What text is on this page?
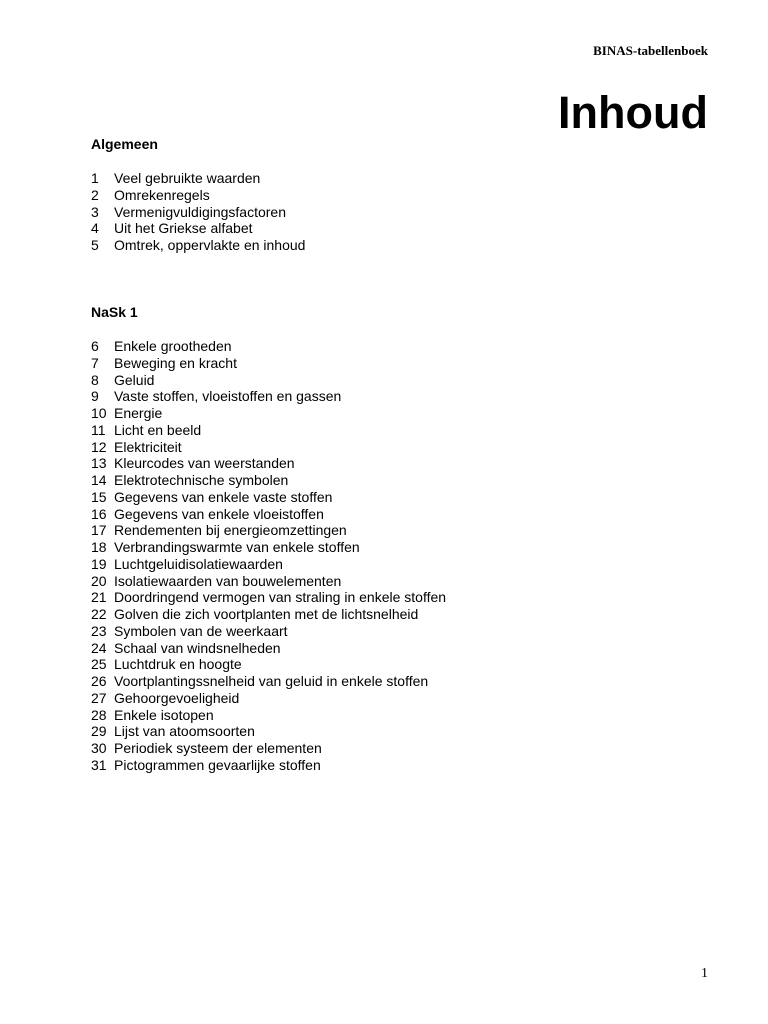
BINAS-tabellenboek
Inhoud
Algemeen
1	Veel gebruikte waarden
2	Omrekenregels
3	Vermenigvuldigingsfactoren
4	Uit het Griekse alfabet
5	Omtrek, oppervlakte en inhoud
NaSk 1
6	Enkele grootheden
7	Beweging en kracht
8	Geluid
9	Vaste stoffen, vloeistoffen en gassen
10 Energie
11 Licht en beeld
12 Elektriciteit
13 Kleurcodes van weerstanden
14 Elektrotechnische symbolen
15 Gegevens van enkele vaste stoffen
16 Gegevens van enkele vloeistoffen
17 Rendementen bij energieomzettingen
18 Verbrandingswarmte van enkele stoffen
19 Luchtgeluidisolatiewaarden
20 Isolatiewaarden van bouwelementen
21 Doordringend vermogen van straling in enkele stoffen
22 Golven die zich voortplanten met de lichtsnelheid
23 Symbolen van de weerkaart
24 Schaal van windsnelheden
25 Luchtdruk en hoogte
26 Voortplantingssnelheid van geluid in enkele stoffen
27 Gehoorgevoeligheid
28 Enkele isotopen
29 Lijst van atoomsoorten
30 Periodiek systeem der elementen
31 Pictogrammen gevaarlijke stoffen
1
